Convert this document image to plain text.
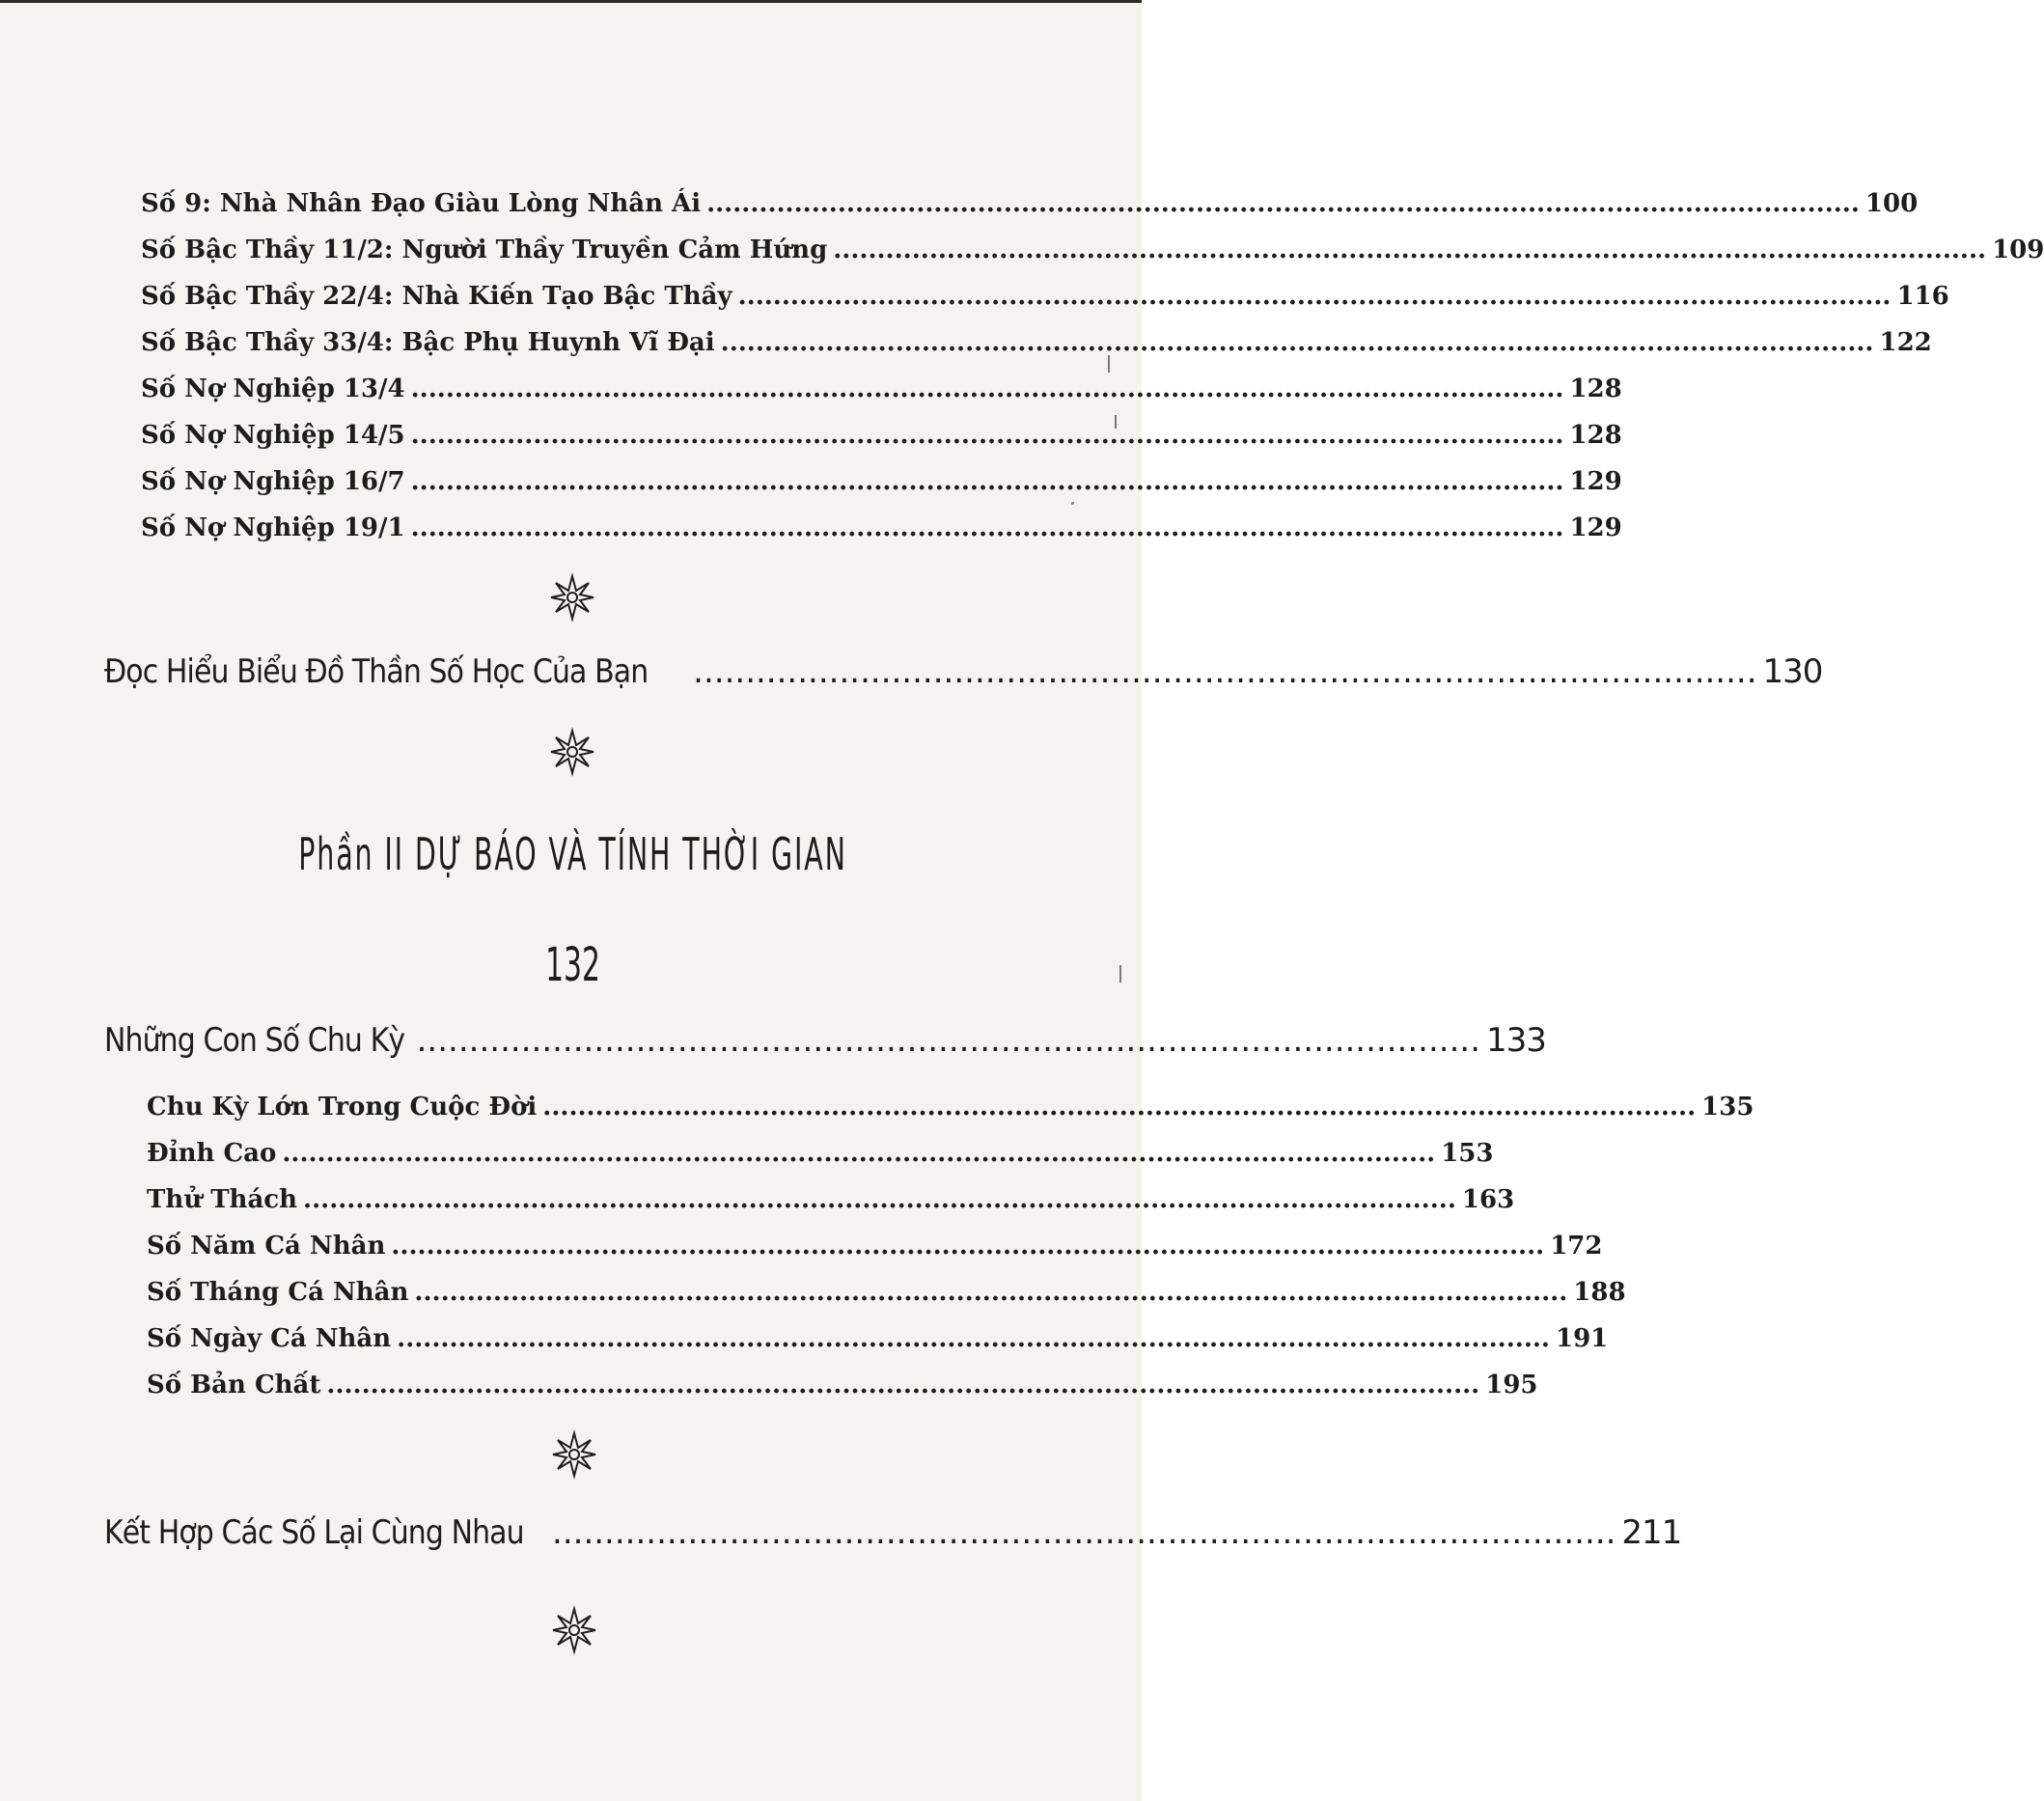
Số 9: Nhà Nhân Đạo Giàu Lòng Nhân Ái .................................................................................................................................... 100
Số Bậc Thầy 11/2: Người Thầy Truyền Cảm Hứng .................................................................................................................................... 109
Số Bậc Thầy 22/4: Nhà Kiến Tạo Bậc Thầy .................................................................................................................................... 116
Số Bậc Thầy 33/4: Bậc Phụ Huynh Vĩ Đại .................................................................................................................................... 122
Số Nợ Nghiệp 13/4 .................................................................................................................................... 128
Số Nợ Nghiệp 14/5 .................................................................................................................................... 128
Số Nợ Nghiệp 16/7 .................................................................................................................................... 129
Số Nợ Nghiệp 19/1 .................................................................................................................................... 129
Đọc Hiểu Biểu Đồ Thần Số Học Của Bạn ...................................................................................................... 130
Phần II DỰ BÁO VÀ TÍNH THỜI GIAN
132
Những Con Số Chu Kỳ ...................................................................................................... 133
Chu Kỳ Lớn Trong Cuộc Đời .................................................................................................................................... 135
Đỉnh Cao .................................................................................................................................... 153
Thử Thách .................................................................................................................................... 163
Số Năm Cá Nhân .................................................................................................................................... 172
Số Tháng Cá Nhân .................................................................................................................................... 188
Số Ngày Cá Nhân .................................................................................................................................... 191
Số Bản Chất .................................................................................................................................... 195
Kết Hợp Các Số Lại Cùng Nhau ...................................................................................................... 211
